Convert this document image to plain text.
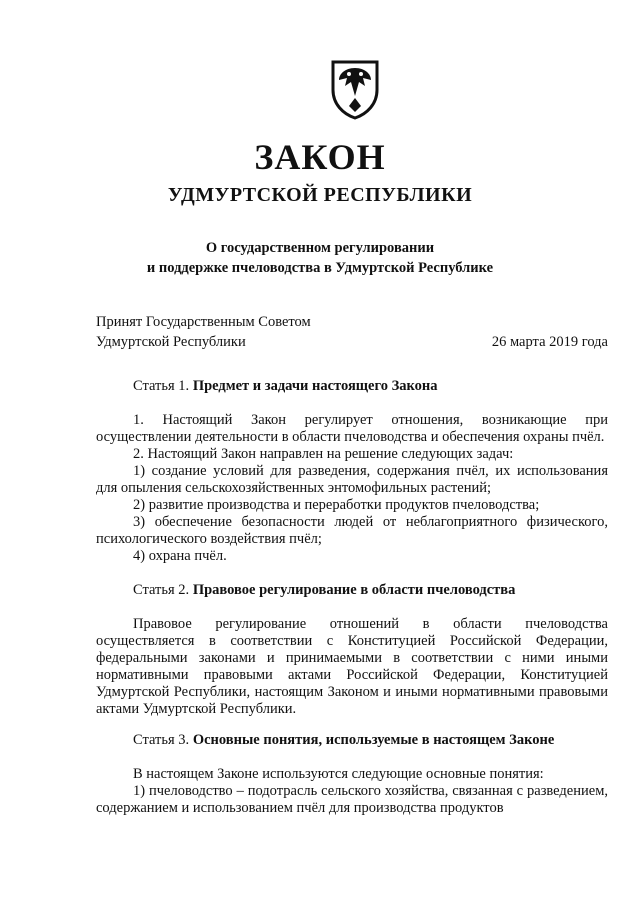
ЗАКОН
УДМУРТСКОЙ РЕСПУБЛИКИ
О государственном регулировании
и поддержке пчеловодства в Удмуртской Республике
Принят Государственным Советом
Удмуртской Республики	26 марта 2019 года
Статья 1. Предмет и задачи настоящего Закона

1. Настоящий Закон регулирует отношения, возникающие при осуществлении деятельности в области пчеловодства и обеспечения охраны пчёл.

2. Настоящий Закон направлен на решение следующих задач:

1) создание условий для разведения, содержания пчёл, их использования для опыления сельскохозяйственных энтомофильных растений;

2) развитие производства и переработки продуктов пчеловодства;

3) обеспечение безопасности людей от неблагоприятного физического, психологического воздействия пчёл;

4) охрана пчёл.

Статья 2. Правовое регулирование в области пчеловодства

Правовое регулирование отношений в области пчеловодства осуществляется в соответствии с Конституцией Российской Федерации, федеральными законами и принимаемыми в соответствии с ними иными нормативными правовыми актами Российской Федерации, Конституцией Удмуртской Республики, настоящим Законом и иными нормативными правовыми актами Удмуртской Республики.

Статья 3. Основные понятия, используемые в настоящем Законе

В настоящем Законе используются следующие основные понятия:

1) пчеловодство – подотрасль сельского хозяйства, связанная с разведением, содержанием и использованием пчёл для производства продуктов
